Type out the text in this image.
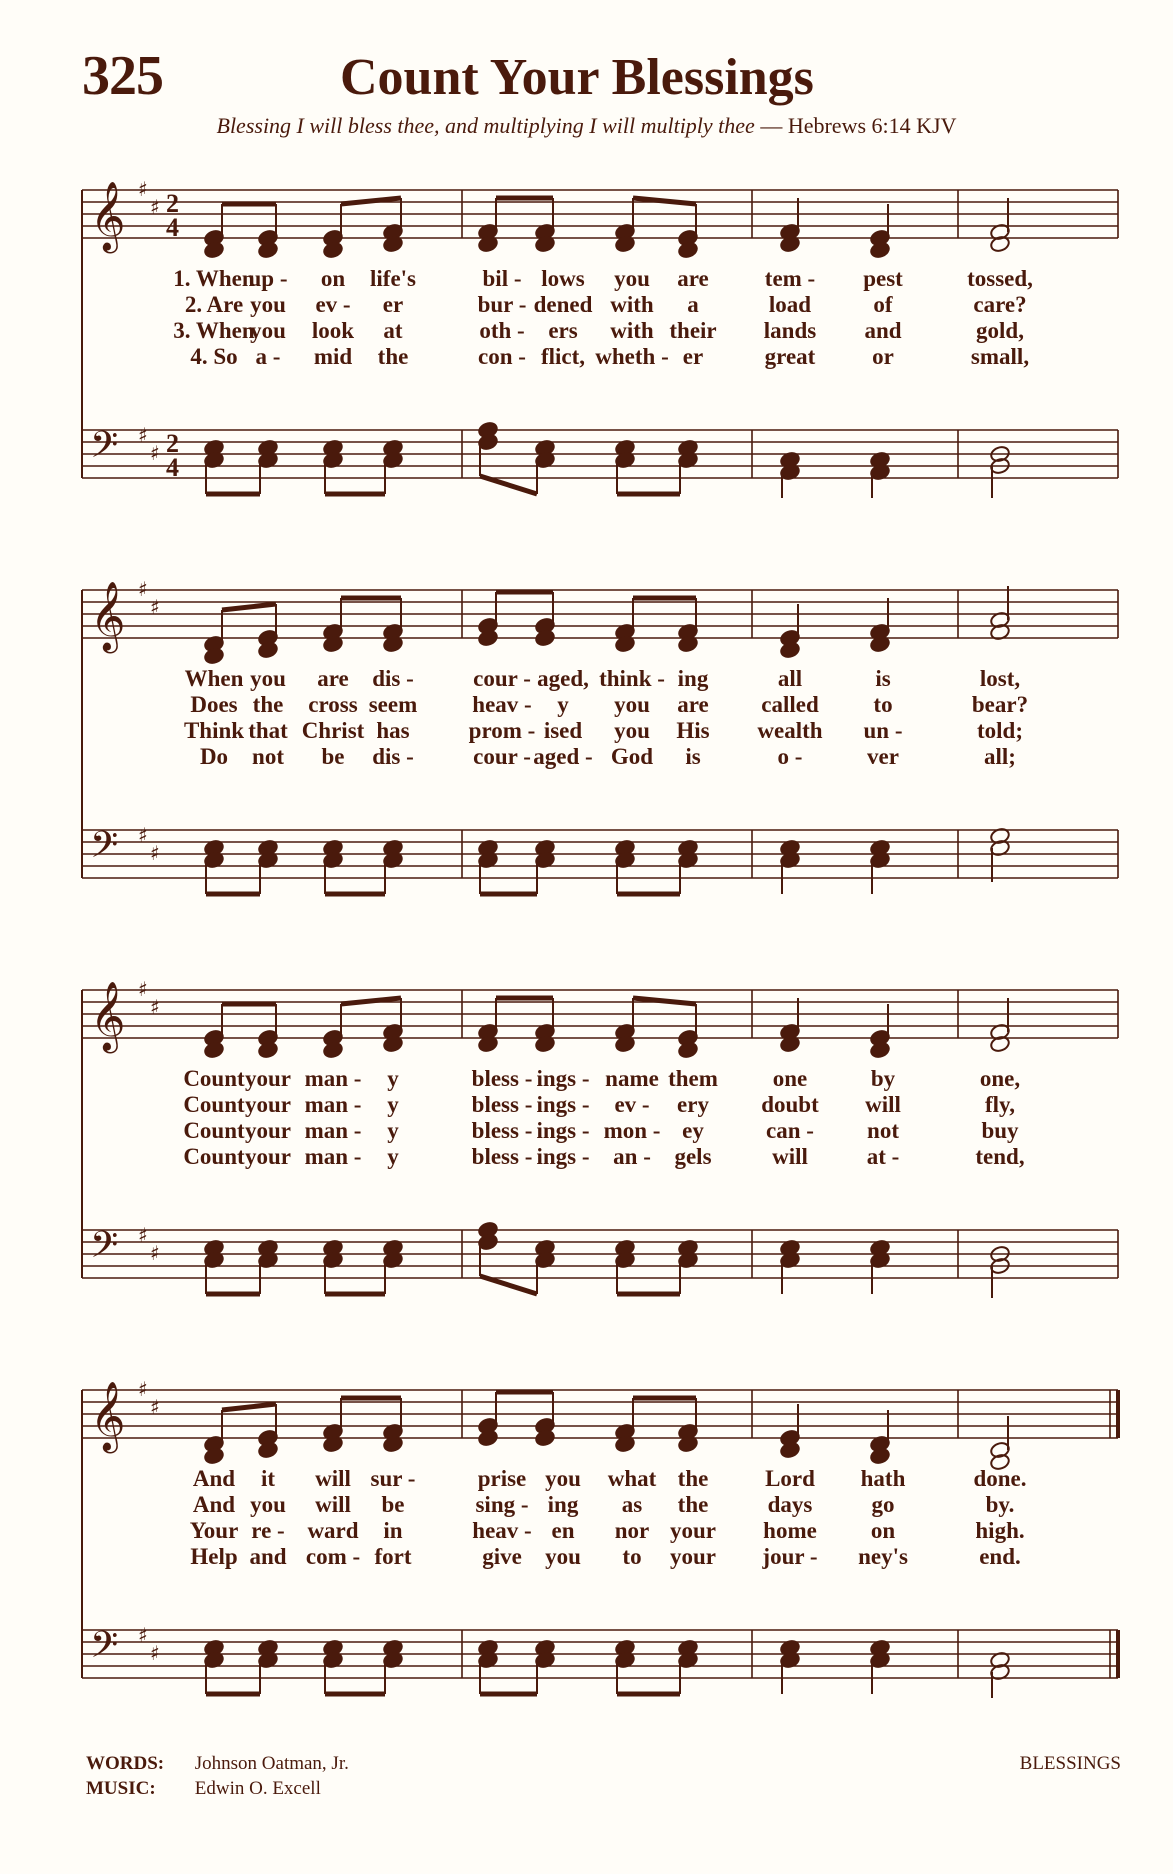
325	Count Your Blessings
Blessing I will bless thee, and multiplying I will multiply thee — Hebrews 6:14 KJV
𝄞
𝄢
♯
♯
♯
♯
2
4
2
4
1. When
up - on life's	bil - lows you are tem - pest	tossed,
2. Are you ev - er	bur - dened with a	load	of	care?
3. When
you look at	oth - ers with their lands and	gold,
4. So a - mid the	con - flict, wheth - er	great or	small,
𝄞
𝄢
♯
♯
♯
♯
When you are dis -	cour - aged, think - ing	all	is	lost,
Does the cross seem heav - y you are called to	bear?
Think that Christ has	prom - ised you His wealth un -	told;
Do not be dis -	cour - aged - God is	o -	ver	all;
𝄞
𝄢
♯
♯
♯
♯
Count your man - y	bless - ings - name them one	by	one,
Count your man - y	bless - ings - ev - ery doubt will	fly,
Count your man - y	bless - ings - mon - ey	can - not	buy
Count your man - y	bless - ings - an - gels	will	at -	tend,
𝄞
𝄢
♯
♯
♯
♯
And it will sur -	prise you what the Lord hath	done.
And you will be	sing - ing as the	days	go	by.
Your re - ward in	heav - en nor your home on	high.
Help and com - fort	give you to your jour - ney's	end.
WORDS: Johnson Oatman, Jr.
MUSIC: Edwin O. Excell
BLESSINGS
